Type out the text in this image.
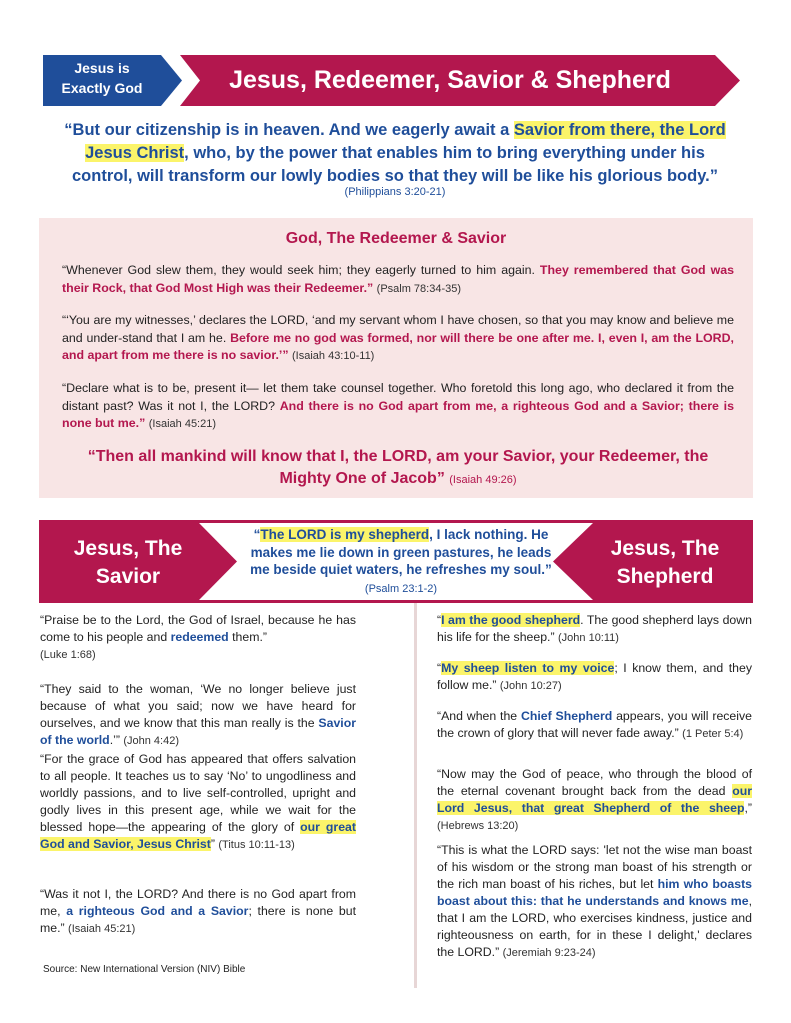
Jesus is
Exactly God	Jesus, Redeemer, Savior & Shepherd
“But our citizenship is in heaven. And we eagerly await a Savior from there, the Lord Jesus Christ, who, by the power that enables him to bring everything under his control, will transform our lowly bodies so that they will be like his glorious body.”
(Philippians 3:20-21)
God, The Redeemer & Savior

“Whenever God slew them, they would seek him; they eagerly turned to him again. They remembered that God was their Rock, that God Most High was their Redeemer.” (Psalm 78:34-35)

“‘You are my witnesses,’ declares the LORD, ‘and my servant whom I have chosen, so that you may know and believe me and under-stand that I am he. Before me no god was formed, nor will there be one after me. I, even I, am the LORD, and apart from me there is no savior.’” (Isaiah 43:10-11)

“Declare what is to be, present it— let them take counsel together. Who foretold this long ago, who declared it from the distant past? Was it not I, the LORD? And there is no God apart from me, a righteous God and a Savior; there is none but me.” (Isaiah 45:21)

“Then all mankind will know that I, the LORD, am your Savior, your Redeemer, the Mighty One of Jacob” (Isaiah 49:26)
Jesus, The
Savior
Jesus, The
Shepherd
“The LORD is my shepherd, I lack nothing. He makes me lie down in green pastures, he leads me beside quiet waters, he refreshes my soul.” (Psalm 23:1-2)

“Praise be to the Lord, the God of Israel, because he has come to his people and redeemed them.”
(Luke 1:68)

“They said to the woman, ‘We no longer believe just because of what you said; now we have heard for ourselves, and we know that this man really is the Savior of the world.’” (John 4:42)

“For the grace of God has appeared that offers salvation to all people. It teaches us to say ‘No’ to ungodliness and worldly passions, and to live self-controlled, upright and godly lives in this present age, while we wait for the blessed hope—the appearing of the glory of our great God and Savior, Jesus Christ” (Titus 10:11-13)

“Was it not I, the LORD? And there is no God apart from me, a righteous God and a Savior; there is none but me.” (Isaiah 45:21)

Source: New International Version (NIV) Bible

“I am the good shepherd. The good shepherd lays down his life for the sheep.” (John 10:11)

“My sheep listen to my voice; I know them, and they follow me.” (John 10:27)

“And when the Chief Shepherd appears, you will receive the crown of glory that will never fade away.” (1 Peter 5:4)

“Now may the God of peace, who through the blood of the eternal covenant brought back from the dead our Lord Jesus, that great Shepherd of the sheep,” (Hebrews 13:20)

“This is what the LORD says: 'let not the wise man boast of his wisdom or the strong man boast of his strength or the rich man boast of his riches, but let him who boasts boast about this: that he understands and knows me, that I am the LORD, who exercises kindness, justice and righteousness on earth, for in these I delight,' declares the LORD.” (Jeremiah 9:23-24)
